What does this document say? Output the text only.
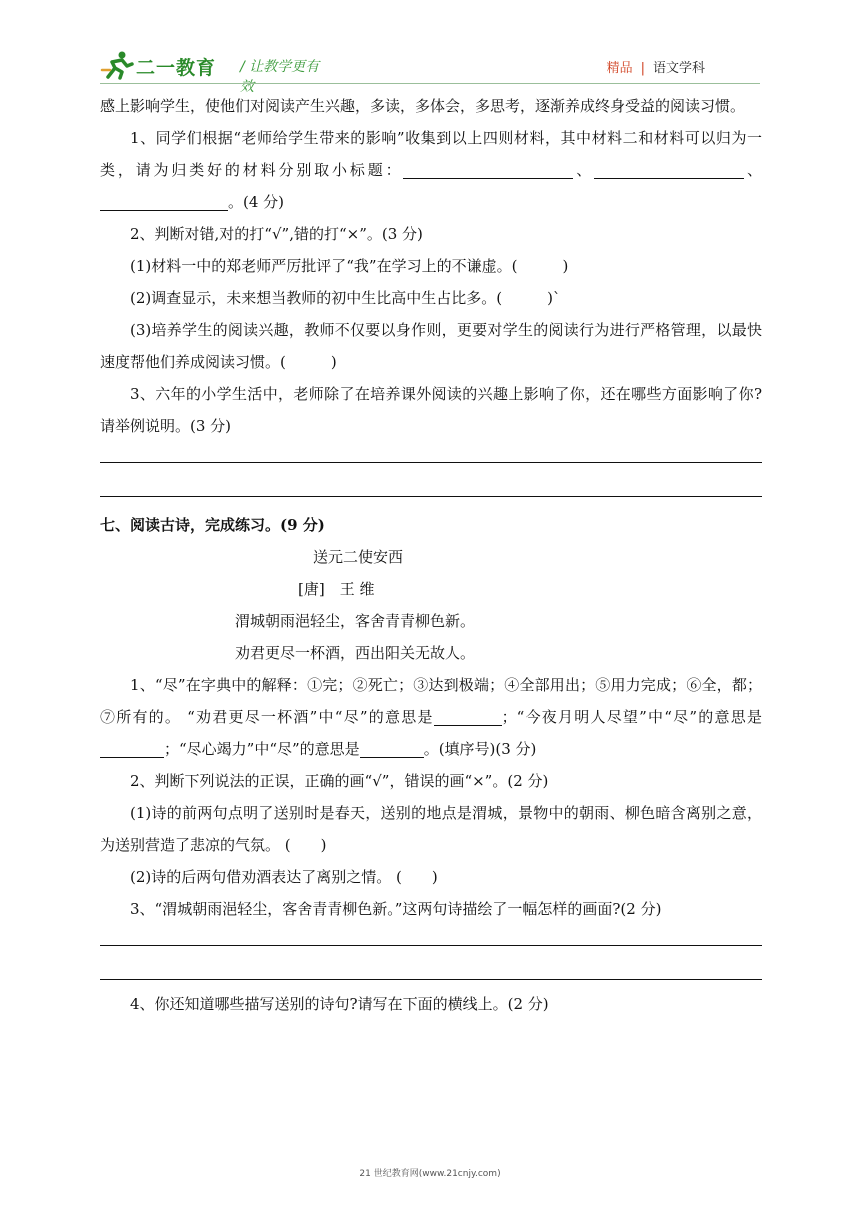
二一教育 / 让教学更有效
精品 | 语文学科

感上影响学生，使他们对阅读产生兴趣，多读，多体会，多思考，逐渐养成终身受益的阅读习惯。

1、同学们根据“老师给学生带来的影响”收集到以上四则材料，其中材料二和材料可以归为一类，请为归类好的材料分别取小标题：	、	、。(4 分)

2、判断对错,对的打“√”,错的打“×”。(3 分)

(1)材料一中的郑老师严厉批评了“我”在学习上的不谦虚。(　　　)

(2)调查显示，未来想当教师的初中生比高中生占比多。(　　　)`

(3)培养学生的阅读兴趣，教师不仅要以身作则，更要对学生的阅读行为进行严格管理，以最快速度帮他们养成阅读习惯。(　　　)

3、六年的小学生活中，老师除了在培养课外阅读的兴趣上影响了你，还在哪些方面影响了你?请举例说明。(3 分)

七、阅读古诗，完成练习。(9 分)

送元二使安西

[唐]　王 维

渭城朝雨浥轻尘，客舍青青柳色新。

劝君更尽一杯酒，西出阳关无故人。

1、“尽”在字典中的解释：①完；②死亡；③达到极端；④全部用出；⑤用力完成；⑥全，都；⑦所有的。 “劝君更尽一杯酒”中“尽”的意思是	；“今夜月明人尽望”中“尽”的意思是；“尽心竭力”中“尽”的意思是	。(填序号)(3 分)

2、判断下列说法的正误，正确的画“√”，错误的画“×”。(2 分)

(1)诗的前两句点明了送别时是春天，送别的地点是渭城，景物中的朝雨、柳色暗含离别之意，为送别营造了悲凉的气氛。 (　　)

(2)诗的后两句借劝酒表达了离别之情。 (　　)

3、“渭城朝雨浥轻尘，客舍青青柳色新。”这两句诗描绘了一幅怎样的画面?(2 分)

4、你还知道哪些描写送别的诗句?请写在下面的横线上。(2 分)

21 世纪教育网(www.21cnjy.com)
